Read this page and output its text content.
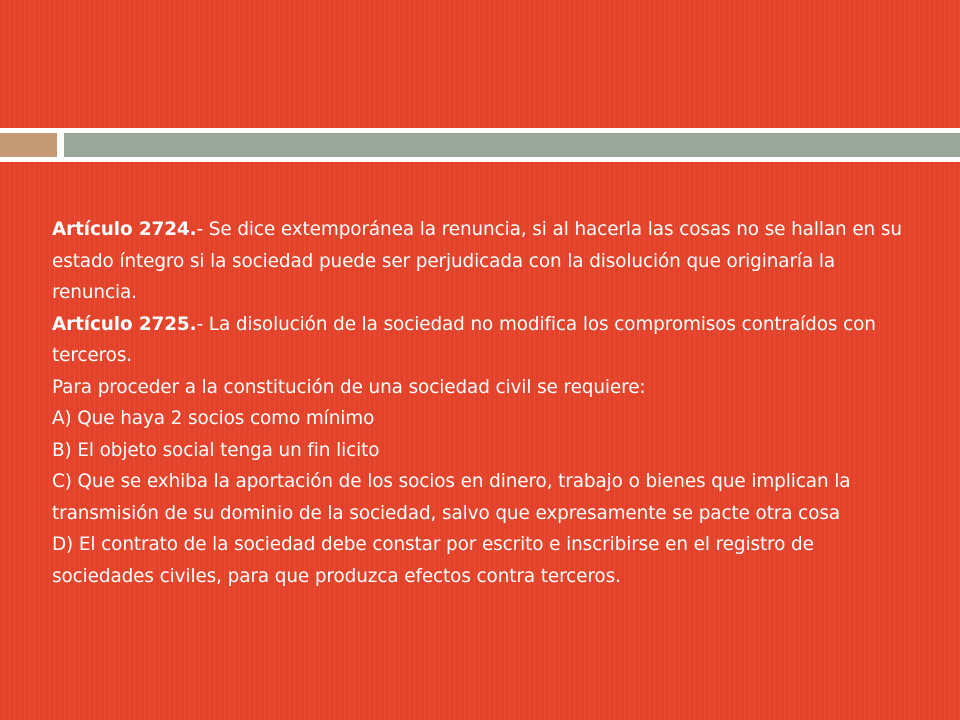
Artículo 2724.- Se dice extemporánea la renuncia, si al hacerla las cosas no se hallan en su estado íntegro si la sociedad puede ser perjudicada con la disolución que originaría la renuncia.

Artículo 2725.- La disolución de la sociedad no modifica los compromisos contraídos con terceros.

Para proceder a la constitución de una sociedad civil se requiere:

A) Que haya 2 socios como mínimo

B) El objeto social tenga un fin licito

C) Que se exhiba la aportación de los socios en dinero, trabajo o bienes que implican la transmisión de su dominio de la sociedad, salvo que expresamente se pacte otra cosa

D) El contrato de la sociedad debe constar por escrito e inscribirse en el registro de sociedades civiles, para que produzca efectos contra terceros.
